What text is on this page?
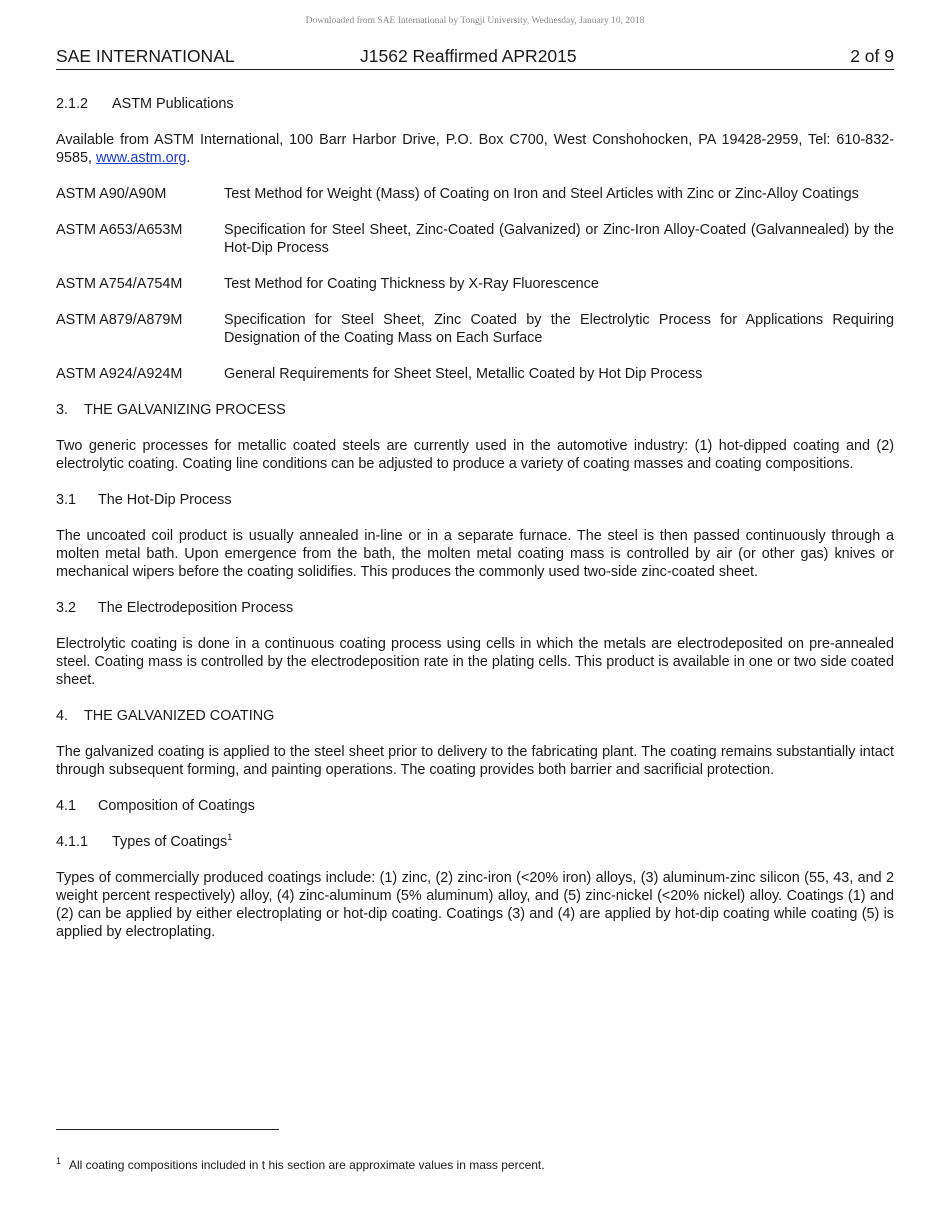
Downloaded from SAE International by Tongji University, Wednesday, January 10, 2018
SAE INTERNATIONAL	J1562 Reaffirmed APR2015	2 of 9
2.1.2 ASTM Publications

Available from ASTM International, 100 Barr Harbor Drive, P.O. Box C700, West Conshohocken, PA 19428-2959, Tel: 610-832-9585, www.astm.org.

ASTM A90/A90M	Test Method for Weight (Mass) of Coating on Iron and Steel Articles with Zinc or Zinc-Alloy Coatings
ASTM A653/A653M	Specification for Steel Sheet, Zinc-Coated (Galvanized) or Zinc-Iron Alloy-Coated (Galvannealed) by the Hot-Dip Process
ASTM A754/A754M	Test Method for Coating Thickness by X-Ray Fluorescence
ASTM A879/A879M	Specification for Steel Sheet, Zinc Coated by the Electrolytic Process for Applications Requiring Designation of the Coating Mass on Each Surface
ASTM A924/A924M	General Requirements for Sheet Steel, Metallic Coated by Hot Dip Process
3. THE GALVANIZING PROCESS

Two generic processes for metallic coated steels are currently used in the automotive industry: (1) hot-dipped coating and (2) electrolytic coating. Coating line conditions can be adjusted to produce a variety of coating masses and coating compositions.

3.1 The Hot-Dip Process

The uncoated coil product is usually annealed in-line or in a separate furnace. The steel is then passed continuously through a molten metal bath. Upon emergence from the bath, the molten metal coating mass is controlled by air (or other gas) knives or mechanical wipers before the coating solidifies. This produces the commonly used two-side zinc-coated sheet.

3.2 The Electrodeposition Process

Electrolytic coating is done in a continuous coating process using cells in which the metals are electrodeposited on pre-annealed steel. Coating mass is controlled by the electrodeposition rate in the plating cells. This product is available in one or two side coated sheet.

4. THE GALVANIZED COATING

The galvanized coating is applied to the steel sheet prior to delivery to the fabricating plant. The coating remains substantially intact through subsequent forming, and painting operations. The coating provides both barrier and sacrificial protection.

4.1 Composition of Coatings
4.1.1 Types of Coatings$^1$

Types of commercially produced coatings include: (1) zinc, (2) zinc-iron (<20% iron) alloys, (3) aluminum-zinc silicon (55, 43, and 2 weight percent respectively) alloy, (4) zinc-aluminum (5% aluminum) alloy, and (5) zinc-nickel (<20% nickel) alloy. Coatings (1) and (2) can be applied by either electroplating or hot-dip coating. Coatings (3) and (4) are applied by hot-dip coating while coating (5) is applied by electroplating.

$^1$ All coating compositions included in t his section are approximate values in mass percent.
